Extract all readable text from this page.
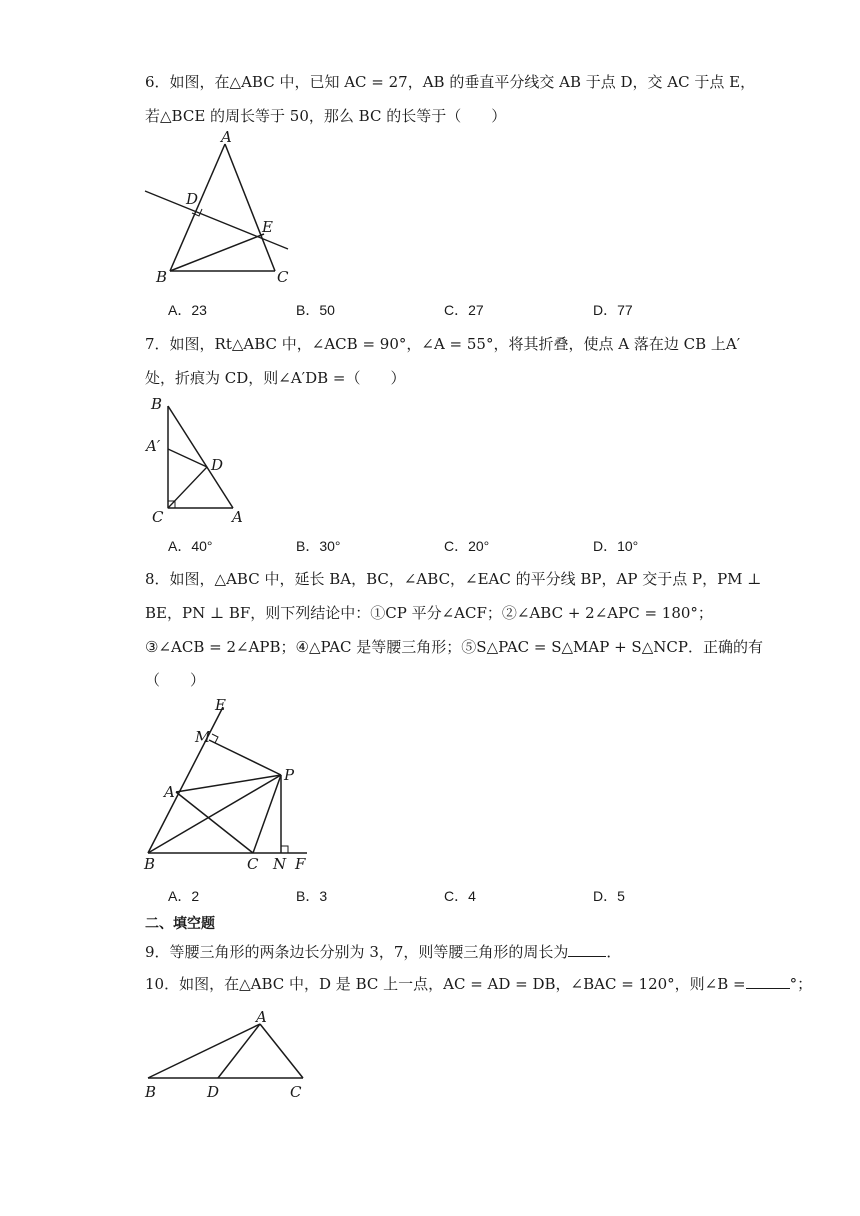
6．如图，在△ABC 中，已知 AC = 27，AB 的垂直平分线交 AB 于点 D，交 AC 于点 E，
若△BCE 的周长等于 50，那么 BC 的长等于（　　）
A
B	C
D
E
A．23	B．50	C．27	D．77
7．如图，Rt△ABC 中，∠ACB = 90°，∠A = 55°，将其折叠，使点 A 落在边 CB 上A′
处，折痕为 CD，则∠A′DB =（　　）
B
A′
D
C	A
A．40°	B．30°	C．20°	D．10°
8．如图，△ABC 中，延长 BA，BC，∠ABC，∠EAC 的平分线 BP，AP 交于点 P，PM ⊥
BE，PN ⊥ BF，则下列结论中：①CP 平分∠ACF；②∠ABC + 2∠APC = 180°；
③∠ACB = 2∠APB；④△PAC 是等腰三角形；⑤S△PAC = S△MAP + S△NCP．正确的有
（　　）
E
M
P
A
B	C N F
A．2	B．3	C．4	D．5
二、填空题
9．等腰三角形的两条边长分别为 3，7，则等腰三角形的周长为	．
10．如图，在△ABC 中，D 是 BC 上一点，AC = AD = DB，∠BAC = 120°，则∠B =	°；
A
B	D	C
